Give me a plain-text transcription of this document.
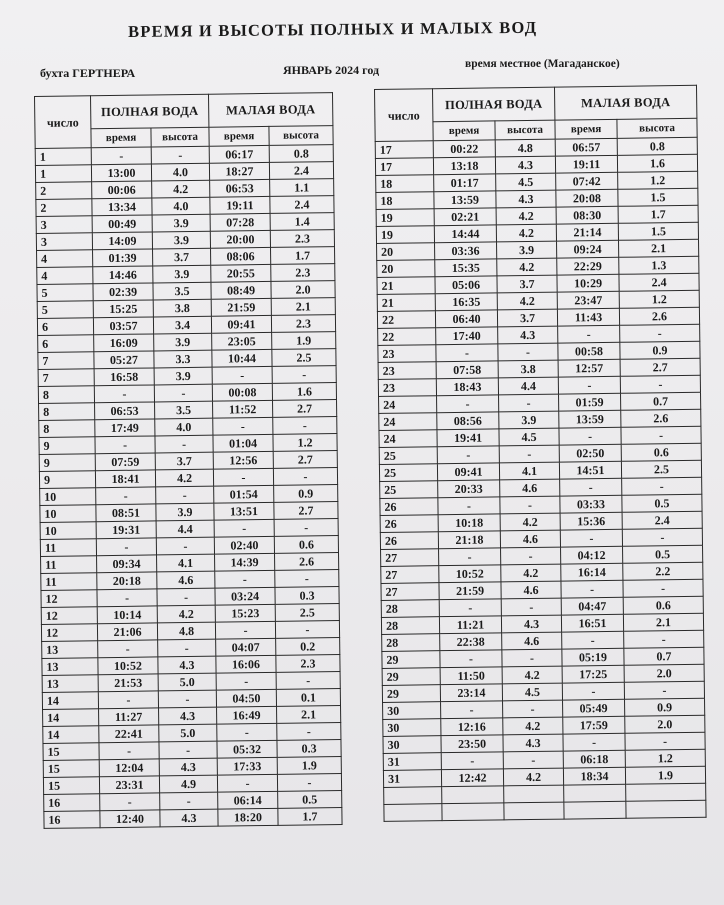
ВРЕМЯ И ВЫСОТЫ ПОЛНЫХ И МАЛЫХ ВОД
бухта ГЕРТНЕРА	ЯНВАРЬ 2024 год	время местное (Магаданское)
число	ПОЛНАЯ ВОДА		МАЛАЯ ВОДА	
	время	высота	время	высота
1	-	-	06:17	0.8
1	13:00	4.0	18:27	2.4
2	00:06	4.2	06:53	1.1
2	13:34	4.0	19:11	2.4
3	00:49	3.9	07:28	1.4
3	14:09	3.9	20:00	2.3
4	01:39	3.7	08:06	1.7
4	14:46	3.9	20:55	2.3
5	02:39	3.5	08:49	2.0
5	15:25	3.8	21:59	2.1
6	03:57	3.4	09:41	2.3
6	16:09	3.9	23:05	1.9
7	05:27	3.3	10:44	2.5
7	16:58	3.9	-	-
8	-	-	00:08	1.6
8	06:53	3.5	11:52	2.7
8	17:49	4.0	-	-
9	-	-	01:04	1.2
9	07:59	3.7	12:56	2.7
9	18:41	4.2	-	-
10	-	-	01:54	0.9
10	08:51	3.9	13:51	2.7
10	19:31	4.4	-	-
11	-	-	02:40	0.6
11	09:34	4.1	14:39	2.6
11	20:18	4.6	-	-
12	-	-	03:24	0.3
12	10:14	4.2	15:23	2.5
12	21:06	4.8	-	-
13	-	-	04:07	0.2
13	10:52	4.3	16:06	2.3
13	21:53	5.0	-	-
14	-	-	04:50	0.1
14	11:27	4.3	16:49	2.1
14	22:41	5.0	-	-
15	-	-	05:32	0.3
15	12:04	4.3	17:33	1.9
15	23:31	4.9	-	-
16	-	-	06:14	0.5
16	12:40	4.3	18:20	1.7
число	ПОЛНАЯ ВОДА		МАЛАЯ ВОДА	
	время	высота	время	высота
17	00:22	4.8	06:57	0.8
17	13:18	4.3	19:11	1.6
18	01:17	4.5	07:42	1.2
18	13:59	4.3	20:08	1.5
19	02:21	4.2	08:30	1.7
19	14:44	4.2	21:14	1.5
20	03:36	3.9	09:24	2.1
20	15:35	4.2	22:29	1.3
21	05:06	3.7	10:29	2.4
21	16:35	4.2	23:47	1.2
22	06:40	3.7	11:43	2.6
22	17:40	4.3	-	-
23	-	-	00:58	0.9
23	07:58	3.8	12:57	2.7
23	18:43	4.4	-	-
24	-	-	01:59	0.7
24	08:56	3.9	13:59	2.6
24	19:41	4.5	-	-
25	-	-	02:50	0.6
25	09:41	4.1	14:51	2.5
25	20:33	4.6	-	-
26	-	-	03:33	0.5
26	10:18	4.2	15:36	2.4
26	21:18	4.6	-	-
27	-	-	04:12	0.5
27	10:52	4.2	16:14	2.2
27	21:59	4.6	-	-
28	-	-	04:47	0.6
28	11:21	4.3	16:51	2.1
28	22:38	4.6	-	-
29	-	-	05:19	0.7
29	11:50	4.2	17:25	2.0
29	23:14	4.5	-	-
30	-	-	05:49	0.9
30	12:16	4.2	17:59	2.0
30	23:50	4.3	-	-
31	-	-	06:18	1.2
31	12:42	4.2	18:34	1.9
